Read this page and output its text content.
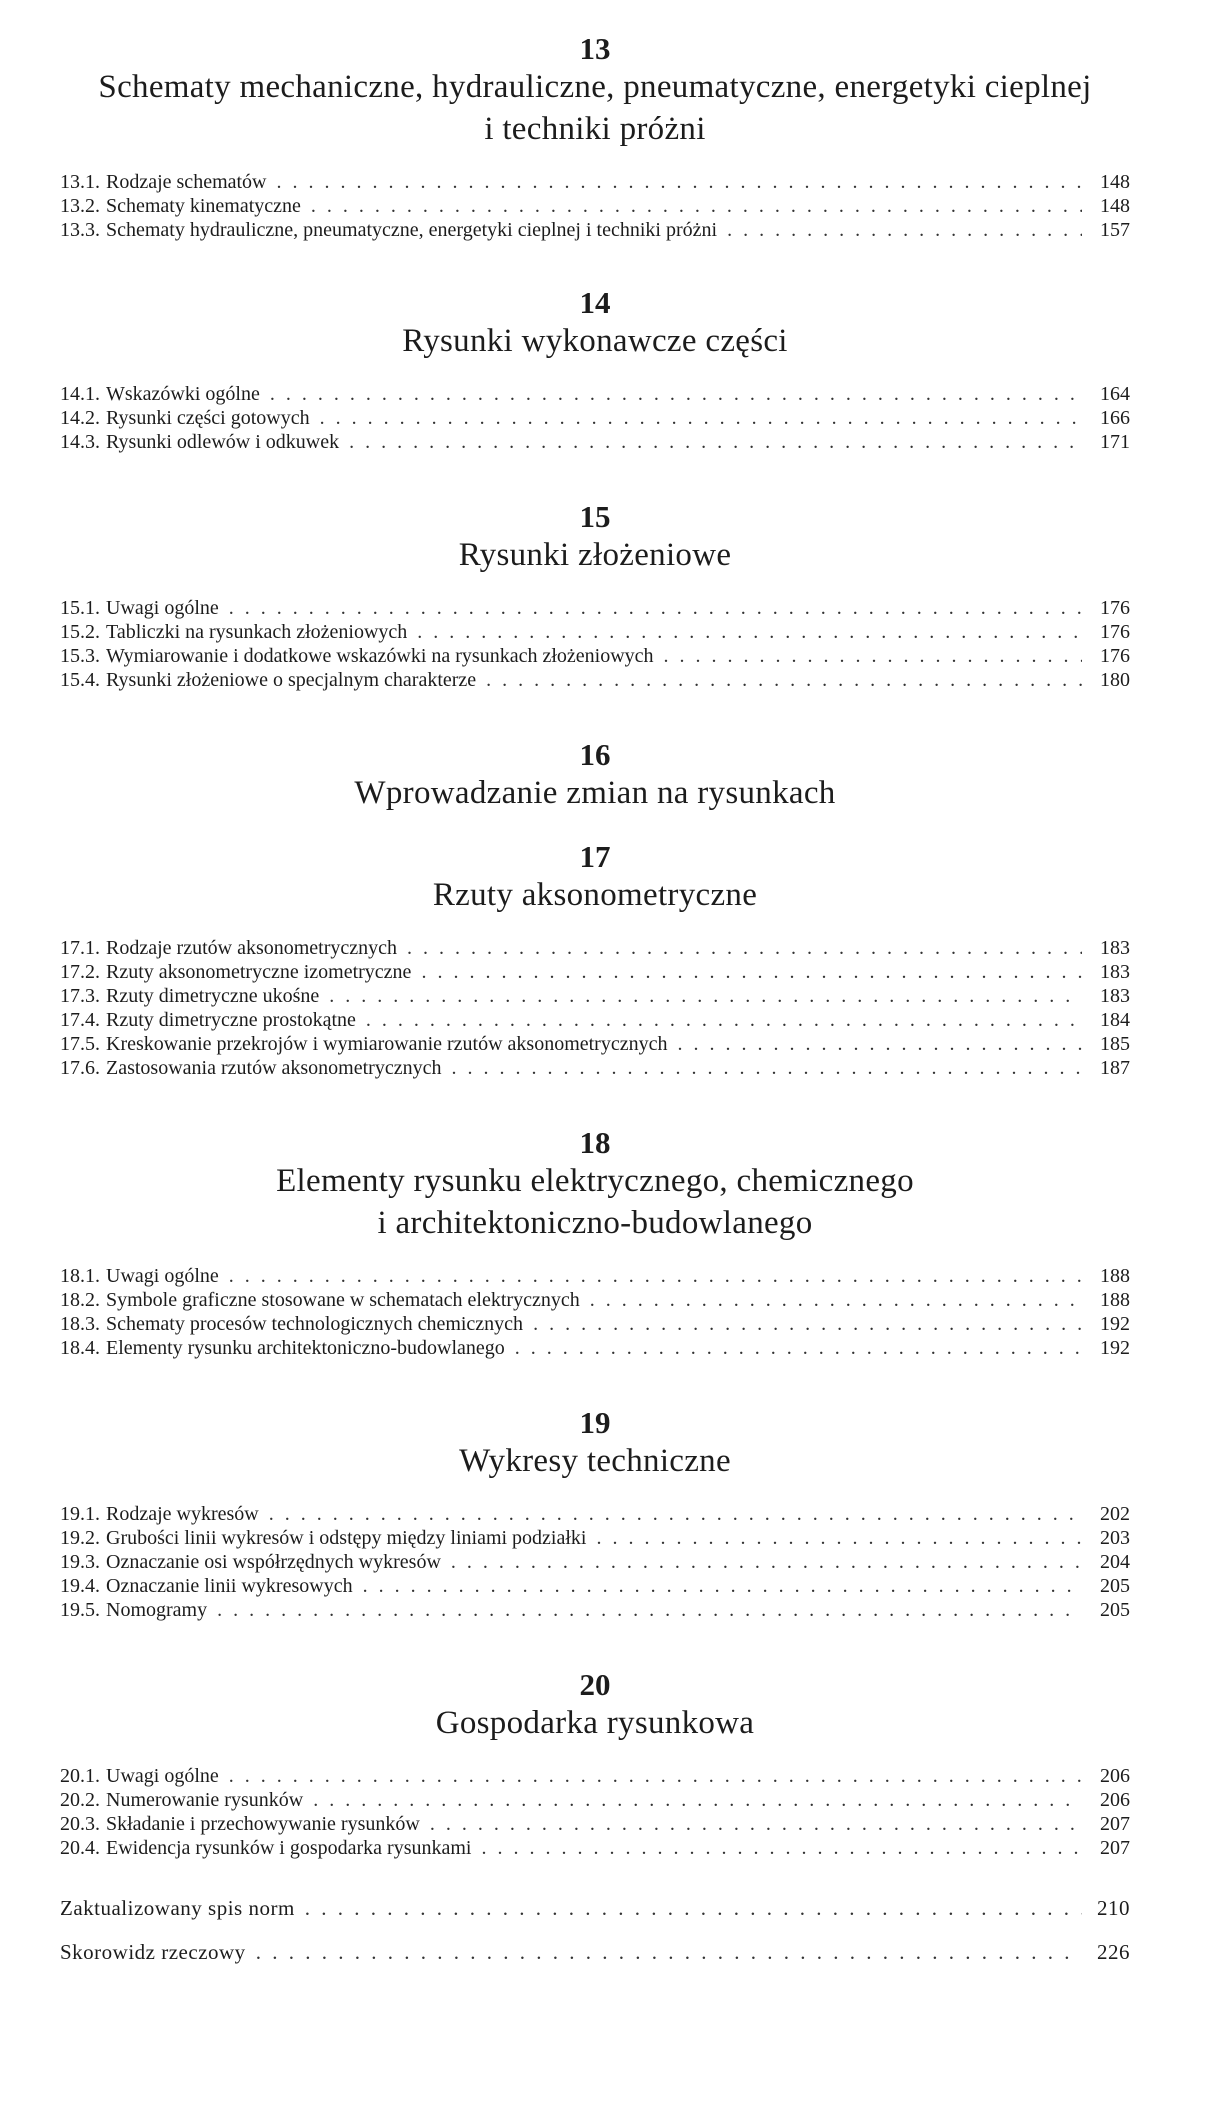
13
Schematy mechaniczne, hydrauliczne, pneumatyczne, energetyki cieplnej
i techniki próżni
13.1. Rodzaje schematów . . .	148
13.2. Schematy kinematyczne . . .	148
13.3. Schematy hydrauliczne, pneumatyczne, energetyki cieplnej i techniki próżni . . .	157
14
Rysunki wykonawcze części
14.1. Wskazówki ogólne . . .	164
14.2. Rysunki części gotowych . . .	166
14.3. Rysunki odlewów i odkuwek . . .	171
15
Rysunki złożeniowe
15.1. Uwagi ogólne . . .	176
15.2. Tabliczki na rysunkach złożeniowych . . .	176
15.3. Wymiarowanie i dodatkowe wskazówki na rysunkach złożeniowych . . .	176
15.4. Rysunki złożeniowe o specjalnym charakterze . . .	180
16
Wprowadzanie zmian na rysunkach
17
Rzuty aksonometryczne
17.1. Rodzaje rzutów aksonometrycznych . . .	183
17.2. Rzuty aksonometryczne izometryczne . . .	183
17.3. Rzuty dimetryczne ukośne . . .	183
17.4. Rzuty dimetryczne prostokątne . . .	184
17.5. Kreskowanie przekrojów i wymiarowanie rzutów aksonometrycznych . . .	185
17.6. Zastosowania rzutów aksonometrycznych . . .	187
18
Elementy rysunku elektrycznego, chemicznego
i architektoniczno-budowlanego
18.1. Uwagi ogólne . . .	188
18.2. Symbole graficzne stosowane w schematach elektrycznych . . .	188
18.3. Schematy procesów technologicznych chemicznych . . .	192
18.4. Elementy rysunku architektoniczno-budowlanego . . .	192
19
Wykresy techniczne
19.1. Rodzaje wykresów . . .	202
19.2. Grubości linii wykresów i odstępy między liniami podziałki . . .	203
19.3. Oznaczanie osi współrzędnych wykresów . . .	204
19.4. Oznaczanie linii wykresowych . . .	205
19.5. Nomogramy . . .	205
20
Gospodarka rysunkowa
20.1. Uwagi ogólne . . .	206
20.2. Numerowanie rysunków . . .	206
20.3. Składanie i przechowywanie rysunków . . .	207
20.4. Ewidencja rysunków i gospodarka rysunkami . . .	207
Zaktualizowany spis norm . . .	210
Skorowidz rzeczowy . . .	226
